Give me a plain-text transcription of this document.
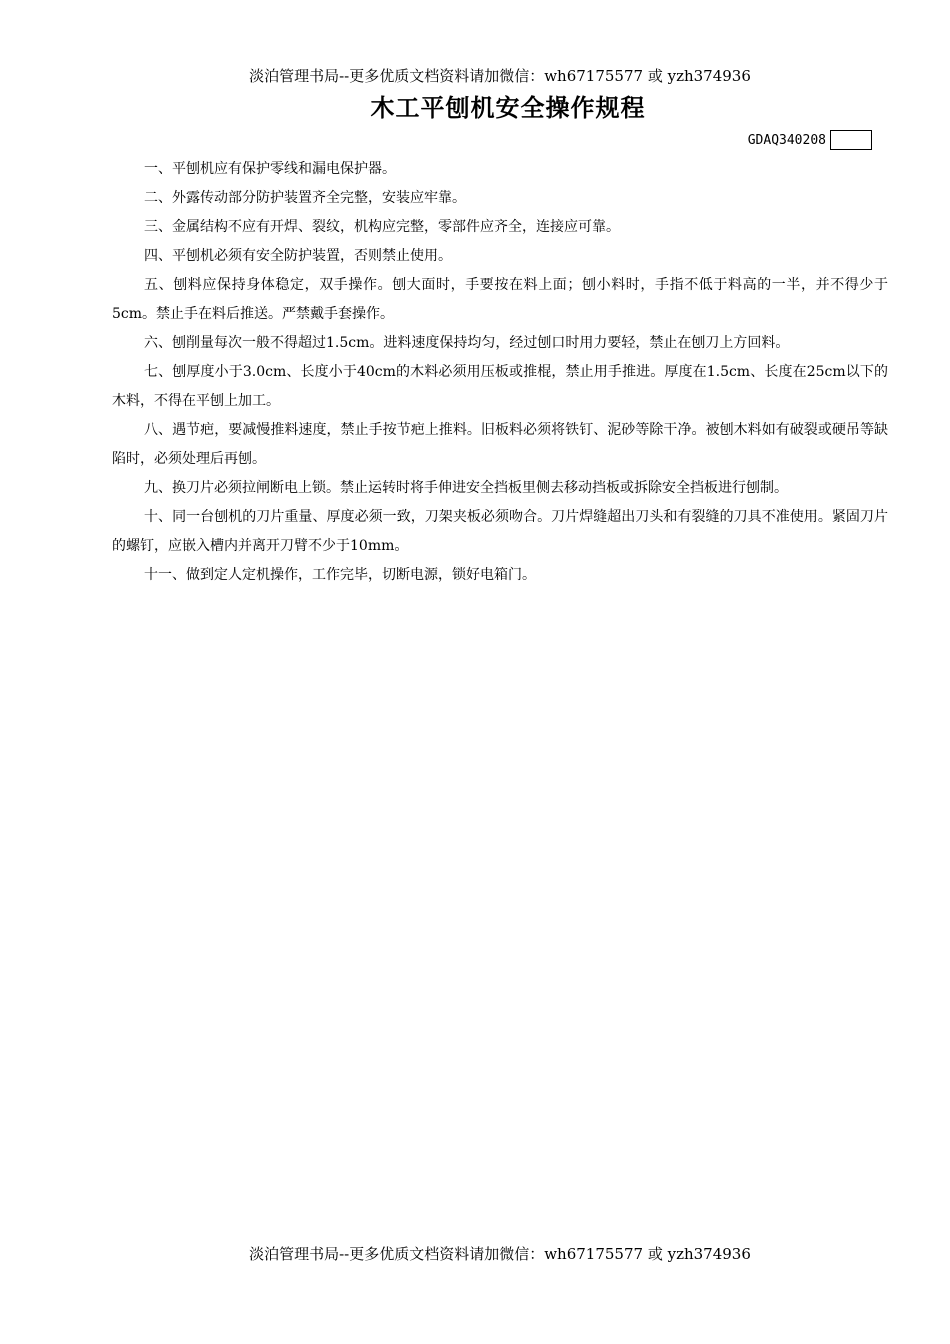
淡泊管理书局--更多优质文档资料请加微信：wh67175577 或 yzh374936
木工平刨机安全操作规程
GDAQ340208

一、平刨机应有保护零线和漏电保护器。

二、外露传动部分防护装置齐全完整，安装应牢靠。

三、金属结构不应有开焊、裂纹，机构应完整，零部件应齐全，连接应可靠。

四、平刨机必须有安全防护装置，否则禁止使用。

五、刨料应保持身体稳定，双手操作。刨大面时，手要按在料上面；刨小料时，手指不低于料高的一半，并不得少于5cm。禁止手在料后推送。严禁戴手套操作。

六、刨削量每次一般不得超过1.5cm。进料速度保持均匀，经过刨口时用力要轻，禁止在刨刀上方回料。

七、刨厚度小于3.0cm、长度小于40cm的木料必须用压板或推棍，禁止用手推进。厚度在1.5cm、长度在25cm以下的木料，不得在平刨上加工。

八、遇节疤，要减慢推料速度，禁止手按节疤上推料。旧板料必须将铁钉、泥砂等除干净。被刨木料如有破裂或硬吊等缺陷时，必须处理后再刨。

九、换刀片必须拉闸断电上锁。禁止运转时将手伸进安全挡板里侧去移动挡板或拆除安全挡板进行刨制。

十、同一台刨机的刀片重量、厚度必须一致，刀架夹板必须吻合。刀片焊缝超出刀头和有裂缝的刀具不准使用。紧固刀片的螺钉，应嵌入槽内并离开刀臂不少于10mm。

十一、做到定人定机操作，工作完毕，切断电源，锁好电箱门。

淡泊管理书局--更多优质文档资料请加微信：wh67175577 或 yzh374936
